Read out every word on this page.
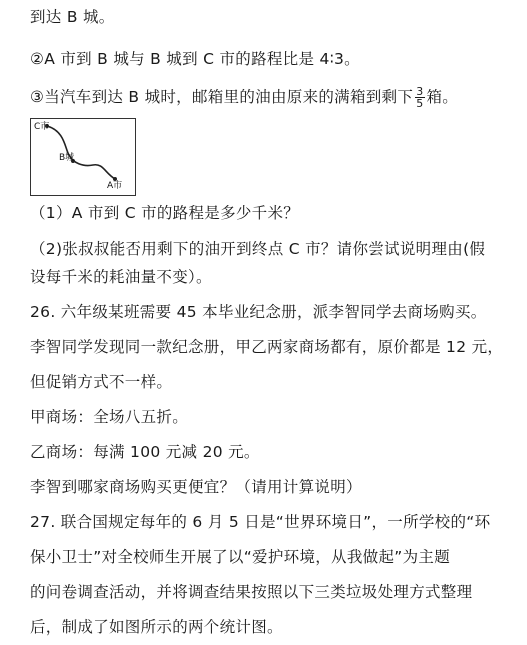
到达 B 城。
②A 市到 B 城与 B 城到 C 市的路程比是 4∶3。
③当汽车到达 B 城时，邮箱里的油由原来的满箱到剩下 $\frac{3}{5}$ 箱。
C市
B城
A市
（1）A 市到 C 市的路程是多少千米？
（2)张叔叔能否用剩下的油开到终点 C 市？请你尝试说明理由(假
设每千米的耗油量不变）。
26. 六年级某班需要 45 本毕业纪念册，派李智同学去商场购买。
李智同学发现同一款纪念册，甲乙两家商场都有，原价都是 12 元，
但促销方式不一样。
甲商场：全场八五折。
乙商场：每满 100 元减 20 元。
李智到哪家商场购买更便宜？（请用计算说明）
27. 联合国规定每年的 6 月 5 日是“世界环境日”，一所学校的“环
保小卫士”对全校师生开展了以“爱护环境，从我做起”为主题
的问卷调查活动，并将调查结果按照以下三类垃圾处理方式整理
后，制成了如图所示的两个统计图。
